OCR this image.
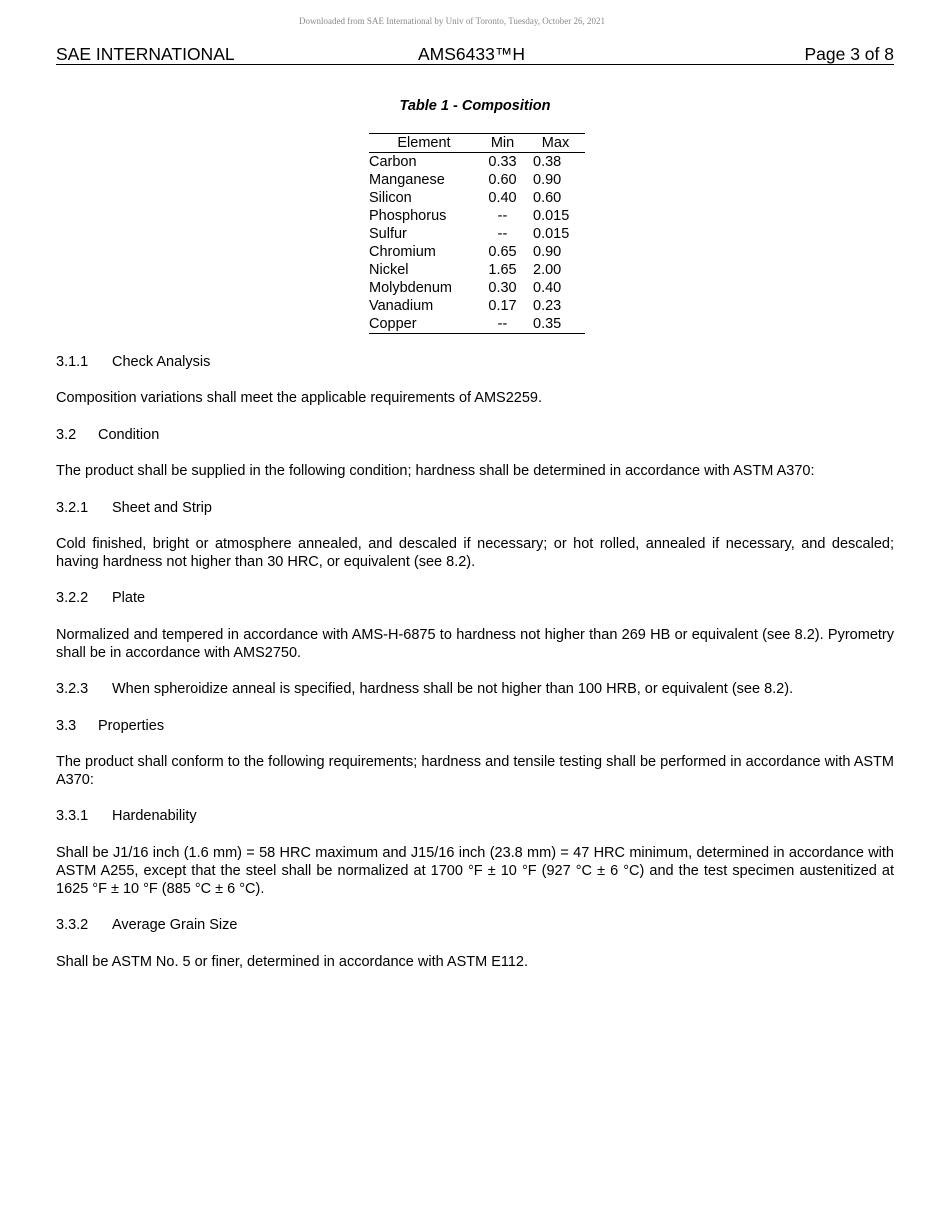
Downloaded from SAE International by Univ of Toronto, Tuesday, October 26, 2021
SAE INTERNATIONAL	AMS6433™H	Page 3 of 8
Table 1 - Composition
Element	Min	Max
Carbon	0.33	0.38
Manganese	0.60	0.90
Silicon	0.40	0.60
Phosphorus	--	0.015
Sulfur	--	0.015
Chromium	0.65	0.90
Nickel	1.65	2.00
Molybdenum	0.30	0.40
Vanadium	0.17	0.23
Copper	--	0.35
3.1.1 Check Analysis
Composition variations shall meet the applicable requirements of AMS2259.
3.2 Condition
The product shall be supplied in the following condition; hardness shall be determined in accordance with ASTM A370:
3.2.1 Sheet and Strip
Cold finished, bright or atmosphere annealed, and descaled if necessary; or hot rolled, annealed if necessary, and descaled; having hardness not higher than 30 HRC, or equivalent (see 8.2).
3.2.2 Plate
Normalized and tempered in accordance with AMS-H-6875 to hardness not higher than 269 HB or equivalent (see 8.2). Pyrometry shall be in accordance with AMS2750.
3.2.3 When spheroidize anneal is specified, hardness shall be not higher than 100 HRB, or equivalent (see 8.2).
3.3 Properties
The product shall conform to the following requirements; hardness and tensile testing shall be performed in accordance with ASTM A370:
3.3.1 Hardenability
Shall be J1/16 inch (1.6 mm) = 58 HRC maximum and J15/16 inch (23.8 mm) = 47 HRC minimum, determined in accordance with ASTM A255, except that the steel shall be normalized at 1700 °F ± 10 °F (927 °C ± 6 °C) and the test specimen austenitized at 1625 °F ± 10 °F (885 °C ± 6 °C).
3.3.2 Average Grain Size
Shall be ASTM No. 5 or finer, determined in accordance with ASTM E112.
